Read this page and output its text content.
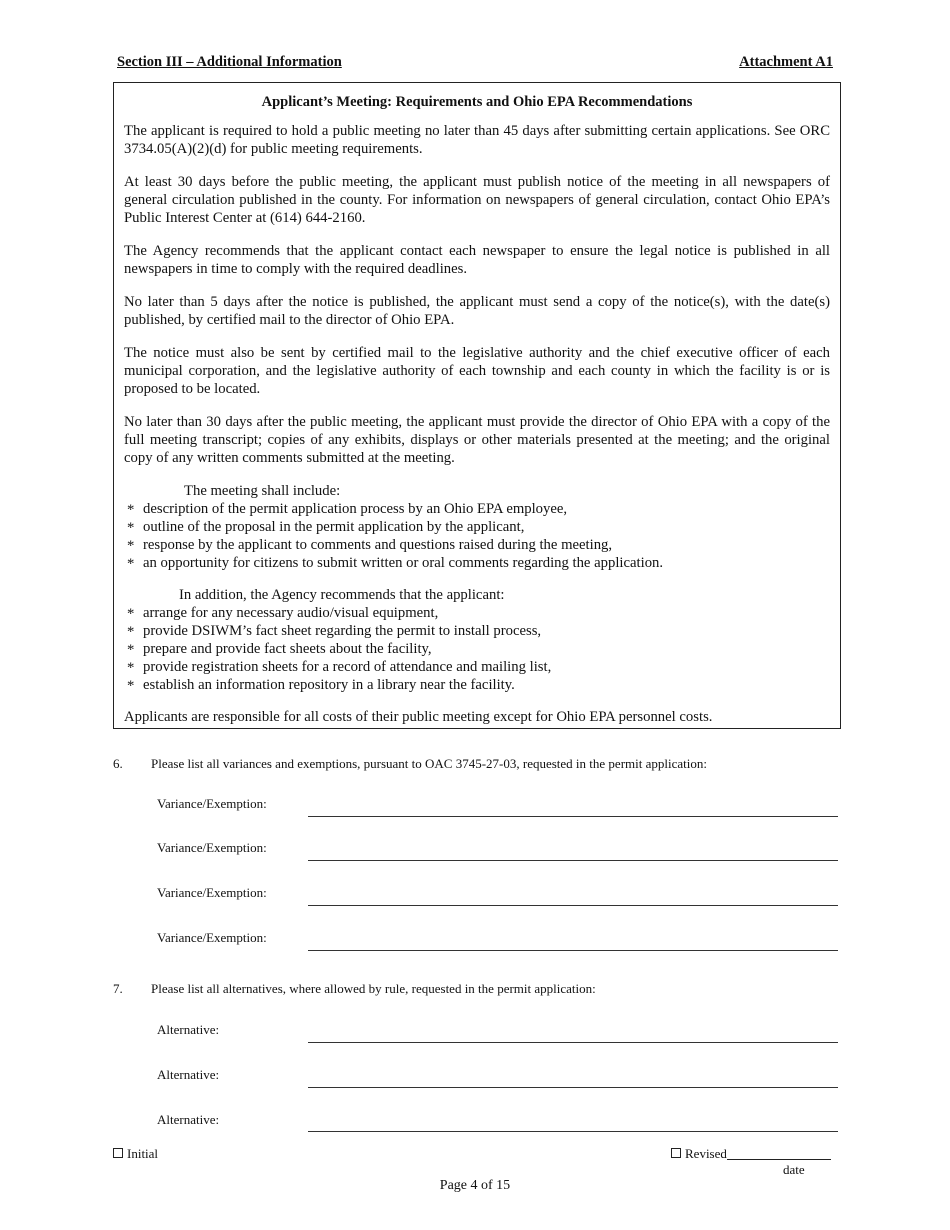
Section III – Additional Information	Attachment A1
Applicant’s Meeting: Requirements and Ohio EPA Recommendations

The applicant is required to hold a public meeting no later than 45 days after submitting certain applications. See ORC 3734.05(A)(2)(d) for public meeting requirements.

At least 30 days before the public meeting, the applicant must publish notice of the meeting in all newspapers of general circulation published in the county. For information on newspapers of general circulation, contact Ohio EPA’s Public Interest Center at (614) 644-2160.

The Agency recommends that the applicant contact each newspaper to ensure the legal notice is published in all newspapers in time to comply with the required deadlines.

No later than 5 days after the notice is published, the applicant must send a copy of the notice(s), with the date(s) published, by certified mail to the director of Ohio EPA.

The notice must also be sent by certified mail to the legislative authority and the chief executive officer of each municipal corporation, and the legislative authority of each township and each county in which the facility is or is proposed to be located.

No later than 30 days after the public meeting, the applicant must provide the director of Ohio EPA with a copy of the full meeting transcript; copies of any exhibits, displays or other materials presented at the meeting; and the original copy of any written comments submitted at the meeting.

The meeting shall include:
* description of the permit application process by an Ohio EPA employee,
* outline of the proposal in the permit application by the applicant,
* response by the applicant to comments and questions raised during the meeting,
* an opportunity for citizens to submit written or oral comments regarding the application.
In addition, the Agency recommends that the applicant:
* arrange for any necessary audio/visual equipment,
* provide DSIWM’s fact sheet regarding the permit to install process,
* prepare and provide fact sheets about the facility,
* provide registration sheets for a record of attendance and mailing list,
* establish an information repository in a library near the facility.

Applicants are responsible for all costs of their public meeting except for Ohio EPA personnel costs.

6. Please list all variances and exemptions, pursuant to OAC 3745-27-03, requested in the permit application:
Variance/Exemption:
Variance/Exemption:
Variance/Exemption:
Variance/Exemption:
7. Please list all alternatives, where allowed by rule, requested in the permit application:
Alternative:
Alternative:
Alternative:
Initial	Revised
date
Page 4 of 15
